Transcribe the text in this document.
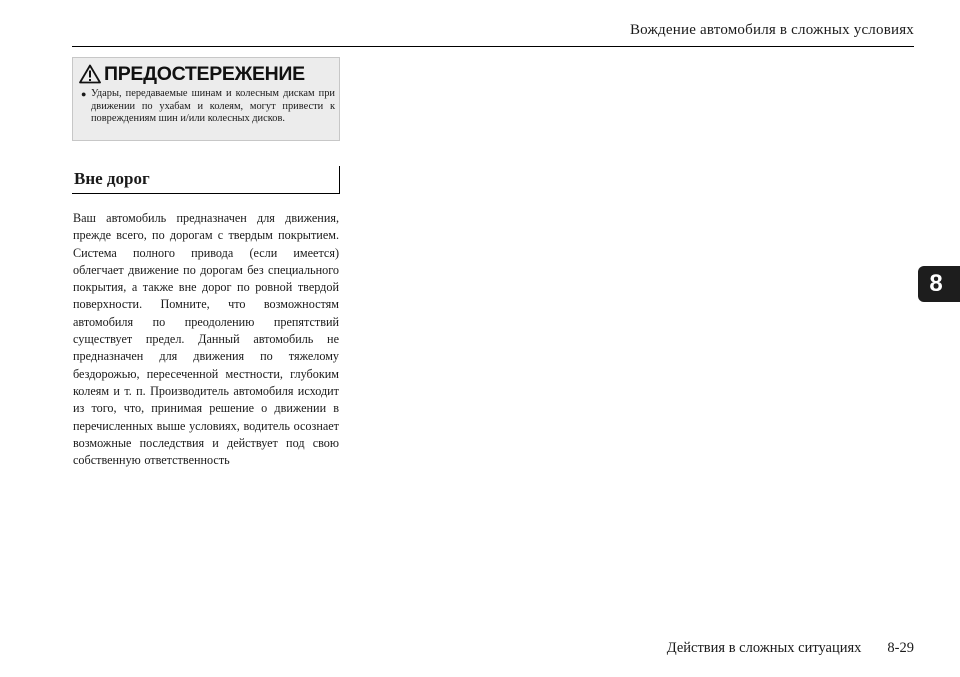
Вождение автомобиля в сложных условиях
8
ПРЕДОСТЕРЕЖЕНИЕ
● Удары, передаваемые шинам и колесным дискам при движении по ухабам и колеям, могут привести к повреждениям шин и/или колесных дисков.
Вне дорог
Ваш автомобиль предназначен для движения, прежде всего, по дорогам с твердым покрытием. Система полного привода (если имеется) облегчает движение по дорогам без специального покрытия, а также вне дорог по ровной твердой поверхности. Помните, что возможностям автомобиля по преодолению препятствий существует предел. Данный автомобиль не предназначен для движения по тяжелому бездорожью, пересеченной местности, глубоким колеям и т. п. Производитель автомобиля исходит из того, что, принимая решение о движении в перечисленных выше условиях, водитель осознает возможные последствия и действует под свою собственную ответственность
Действия в сложных ситуациях 8-29
